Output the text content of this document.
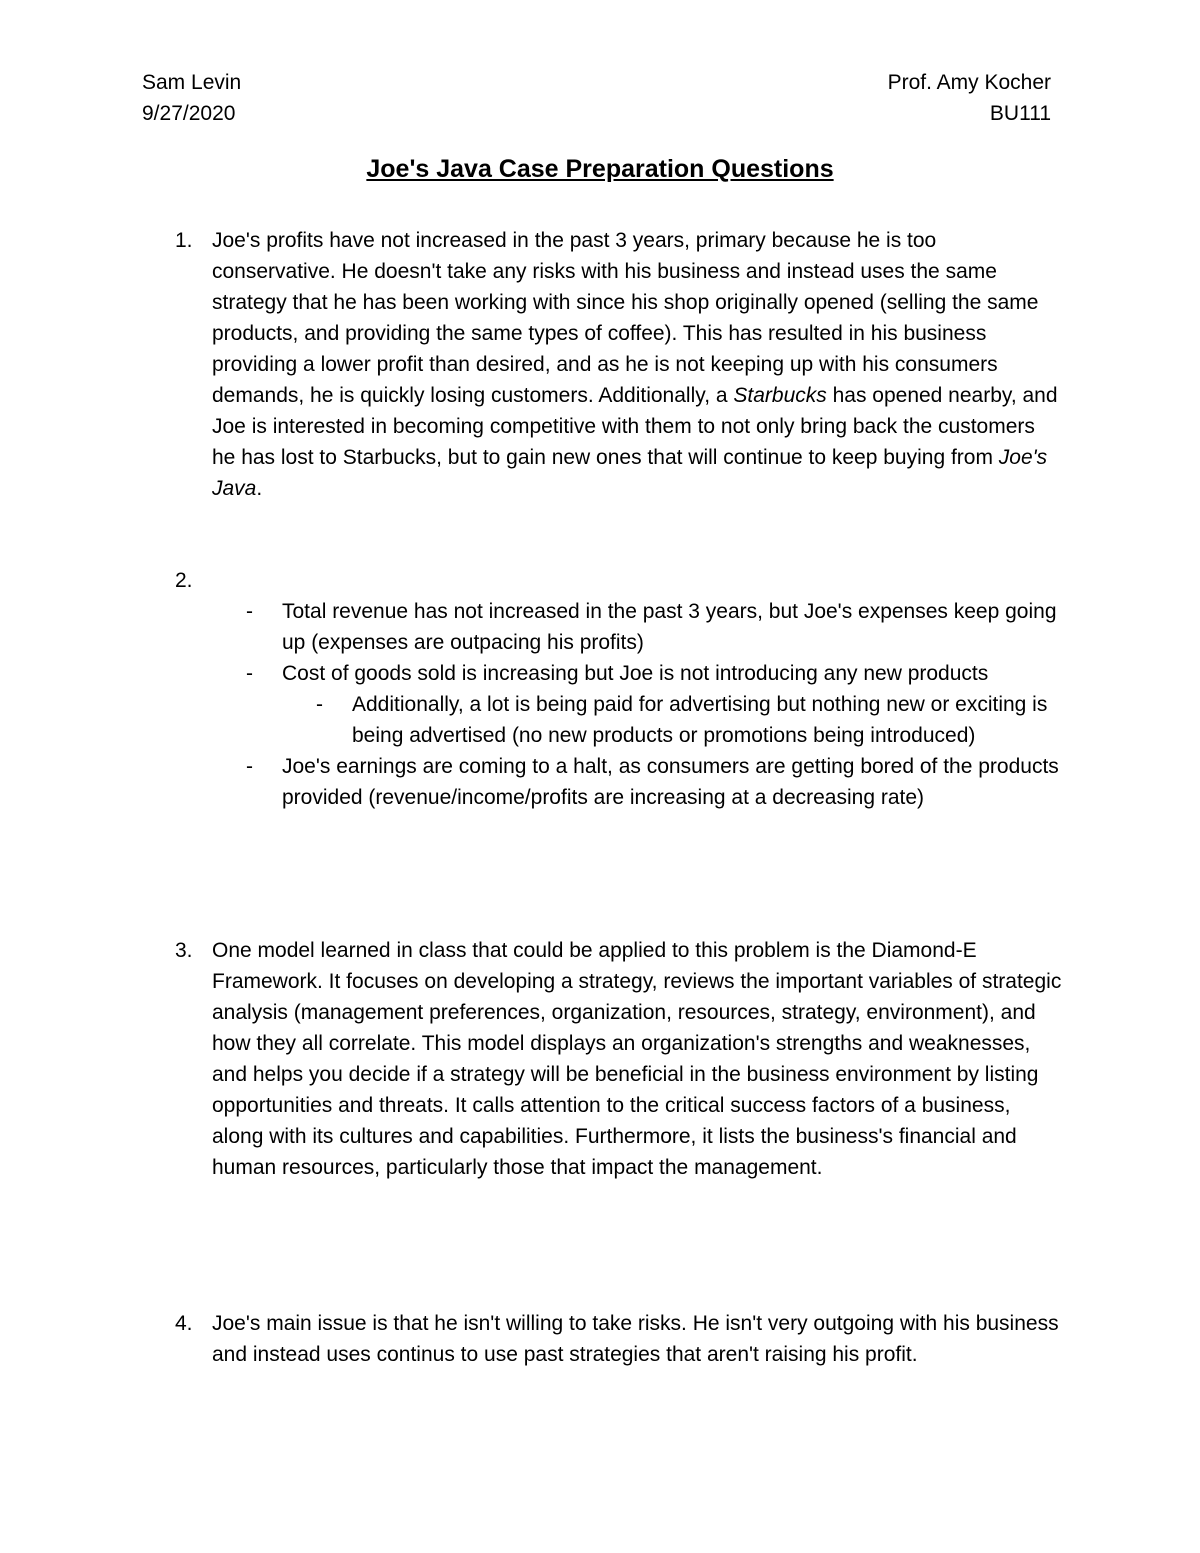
Sam Levin
9/27/2020
Prof. Amy Kocher
BU111
Joe's Java Case Preparation Questions
1. Joe's profits have not increased in the past 3 years, primary because he is too conservative. He doesn't take any risks with his business and instead uses the same strategy that he has been working with since his shop originally opened (selling the same products, and providing the same types of coffee). This has resulted in his business providing a lower profit than desired, and as he is not keeping up with his consumers demands, he is quickly losing customers. Additionally, a Starbucks has opened nearby, and Joe is interested in becoming competitive with them to not only bring back the customers he has lost to Starbucks, but to gain new ones that will continue to keep buying from Joe's Java.

2.
- Total revenue has not increased in the past 3 years, but Joe's expenses keep going up (expenses are outpacing his profits)
- Cost of goods sold is increasing but Joe is not introducing any new products
- Additionally, a lot is being paid for advertising but nothing new or exciting is being advertised (no new products or promotions being introduced)
- Joe's earnings are coming to a halt, as consumers are getting bored of the products provided (revenue/income/profits are increasing at a decreasing rate)
3. One model learned in class that could be applied to this problem is the Diamond-E Framework. It focuses on developing a strategy, reviews the important variables of strategic analysis (management preferences, organization, resources, strategy, environment), and how they all correlate. This model displays an organization's strengths and weaknesses, and helps you decide if a strategy will be beneficial in the business environment by listing opportunities and threats. It calls attention to the critical success factors of a business, along with its cultures and capabilities. Furthermore, it lists the business's financial and human resources, particularly those that impact the management.

4. Joe's main issue is that he isn't willing to take risks. He isn't very outgoing with his business and instead uses continus to use past strategies that aren't raising his profit.
